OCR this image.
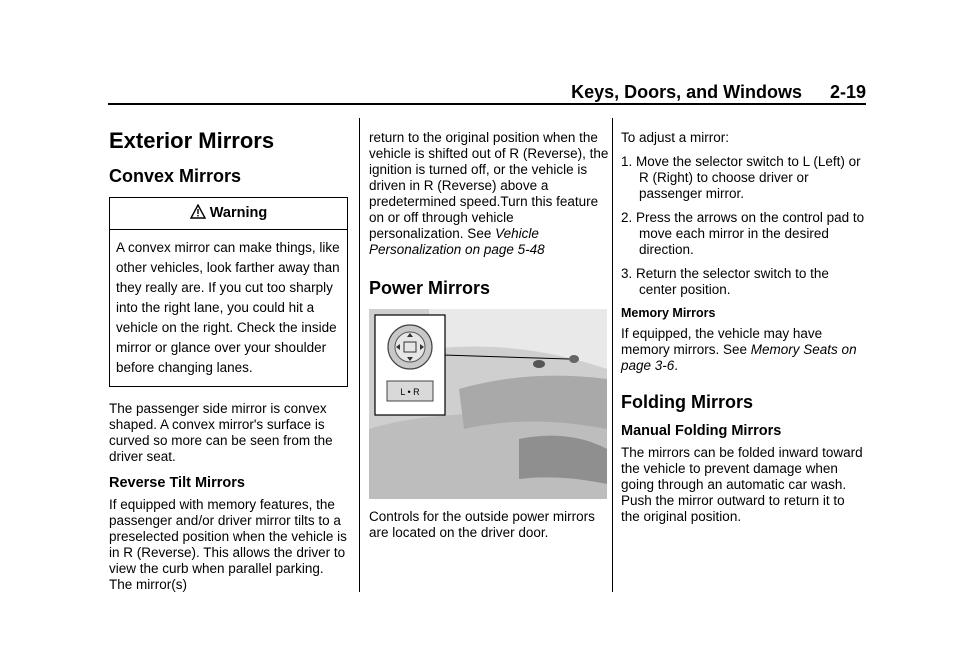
Keys, Doors, and Windows 2-19
Exterior Mirrors
Convex Mirrors
Warning
A convex mirror can make things, like other vehicles, look farther away than they really are. If you cut too sharply into the right lane, you could hit a vehicle on the right. Check the inside mirror or glance over your shoulder before changing lanes.

The passenger side mirror is convex shaped. A convex mirror's surface is curved so more can be seen from the driver seat.

Reverse Tilt Mirrors

If equipped with memory features, the passenger and/or driver mirror tilts to a preselected position when the vehicle is in R (Reverse). This allows the driver to view the curb when parallel parking. The mirror(s)

return to the original position when the vehicle is shifted out of R (Reverse), the ignition is turned off, or the vehicle is driven in R (Reverse) above a predetermined speed.Turn this feature on or off through vehicle personalization. See Vehicle Personalization on page 5-48

Power Mirrors
L • R

Controls for the outside power mirrors are located on the driver door.

To adjust a mirror:

1. Move the selector switch to L (Left) or R (Right) to choose driver or passenger mirror.
2. Press the arrows on the control pad to move each mirror in the desired direction.
3. Return the selector switch to the center position.
Memory Mirrors

If equipped, the vehicle may have memory mirrors. See Memory Seats on page 3-6.

Folding Mirrors
Manual Folding Mirrors

The mirrors can be folded inward toward the vehicle to prevent damage when going through an automatic car wash. Push the mirror outward to return it to the original position.
